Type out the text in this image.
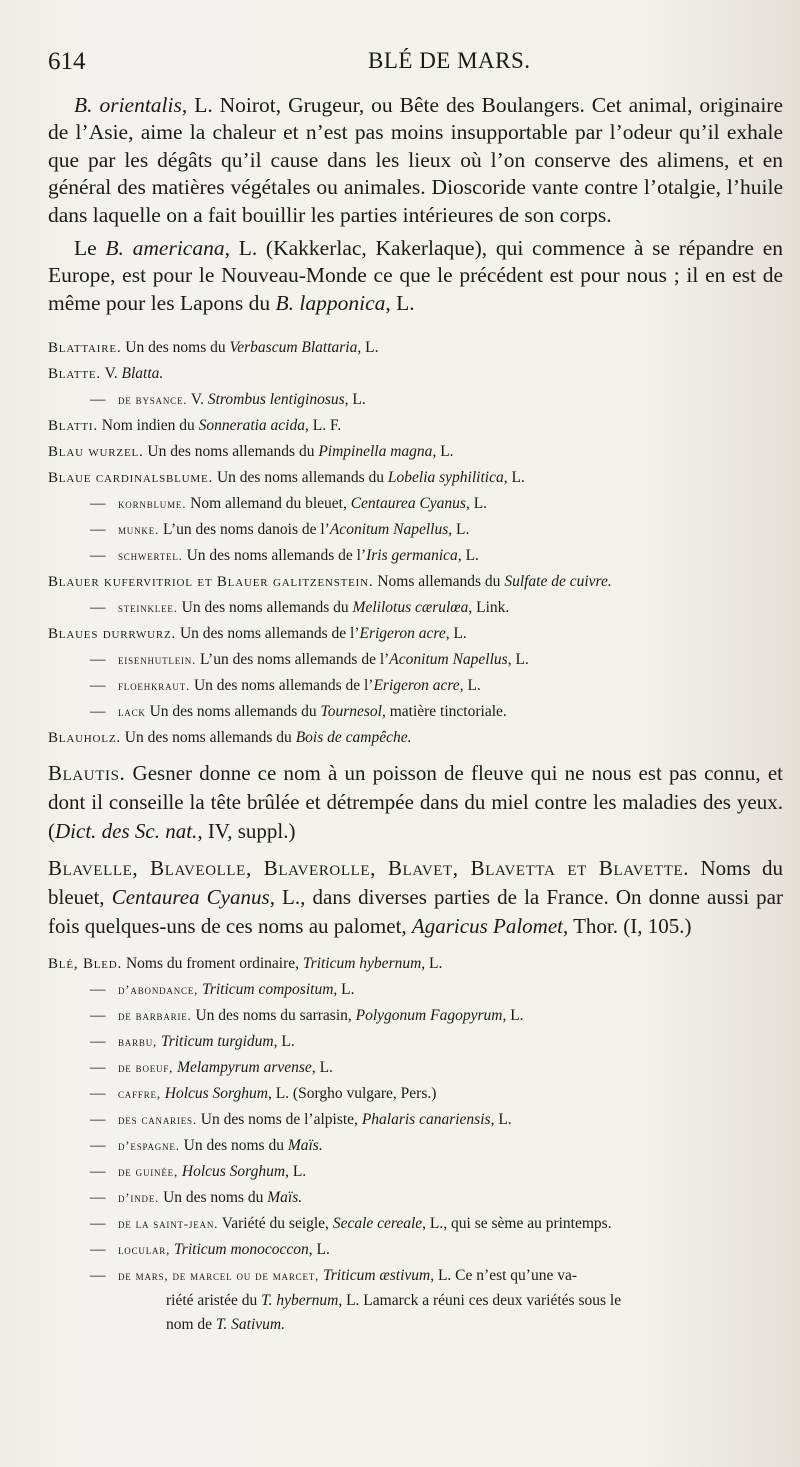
614	BLÉ DE MARS.

B. orientalis, L. Noirot, Grugeur, ou Bête des Boulangers. Cet animal, originaire de l’Asie, aime la chaleur et n’est pas moins insupportable par l’odeur qu’il exhale que par les dégâts qu’il cause dans les lieux où l’on conserve des alimens, et en général des matières végétales ou animales. Dioscoride vante contre l’otalgie, l’huile dans laquelle on a fait bouillir les parties intérieures de son corps.

Le B. americana, L. (Kakkerlac, Kakerlaque), qui commence à se répandre en Europe, est pour le Nouveau-Monde ce que le précédent est pour nous ; il en est de même pour les Lapons du B. lapponica, L.

Blattaire. Un des noms du Verbascum Blattaria, L.

Blatte. V. Blatta.

— de bysance. V. Strombus lentiginosus, L.

Blatti. Nom indien du Sonneratia acida, L. F.

Blau wurzel. Un des noms allemands du Pimpinella magna, L.

Blaue cardinalsblume. Un des noms allemands du Lobelia syphilitica, L.

— kornblume. Nom allemand du bleuet, Centaurea Cyanus, L.

— munke. L’un des noms danois de l’Aconitum Napellus, L.

— schwertel. Un des noms allemands de l’Iris germanica, L.

Blauer kufervitriol et Blauer galitzenstein. Noms allemands du Sulfate de cuivre.

— steinklee. Un des noms allemands du Melilotus cærulœa, Link.

Blaues durrwurz. Un des noms allemands de l’Erigeron acre, L.

— eisenhutlein. L’un des noms allemands de l’Aconitum Napellus, L.

— floehkraut. Un des noms allemands de l’Erigeron acre, L.

— lack Un des noms allemands du Tournesol, matière tinctoriale.

Blauholz. Un des noms allemands du Bois de campêche.

Blautis. Gesner donne ce nom à un poisson de fleuve qui ne nous est pas connu, et dont il conseille la tête brûlée et détrempée dans du miel contre les maladies des yeux. (Dict. des Sc. nat., IV, suppl.)

Blavelle, Blaveolle, Blaverolle, Blavet, Blavetta et Blavette. Noms du bleuet, Centaurea Cyanus, L., dans diverses parties de la France. On donne aussi par fois quelques-uns de ces noms au palomet, Agaricus Palomet, Thor. (I, 105.)

Blé, Bled. Noms du froment ordinaire, Triticum hybernum, L.

— d’abondance, Triticum compositum, L.

— de barbarie. Un des noms du sarrasin, Polygonum Fagopyrum, L.

— barbu, Triticum turgidum, L.

— de boeuf, Melampyrum arvense, L.

— caffre, Holcus Sorghum, L. (Sorgho vulgare, Pers.)

— des canaries. Un des noms de l’alpiste, Phalaris canariensis, L.

— d’espagne. Un des noms du Maïs.

— de guinée, Holcus Sorghum, L.

— d’inde. Un des noms du Maïs.

— de la saint-jean. Variété du seigle, Secale cereale, L., qui se sème au printemps.

— locular, Triticum monococcon, L.

— de mars, de marcel ou de marcet, Triticum æstivum, L. Ce n’est qu’une va-

riété aristée du T. hybernum, L. Lamarck a réuni ces deux variétés sous le
nom de T. Sativum.
